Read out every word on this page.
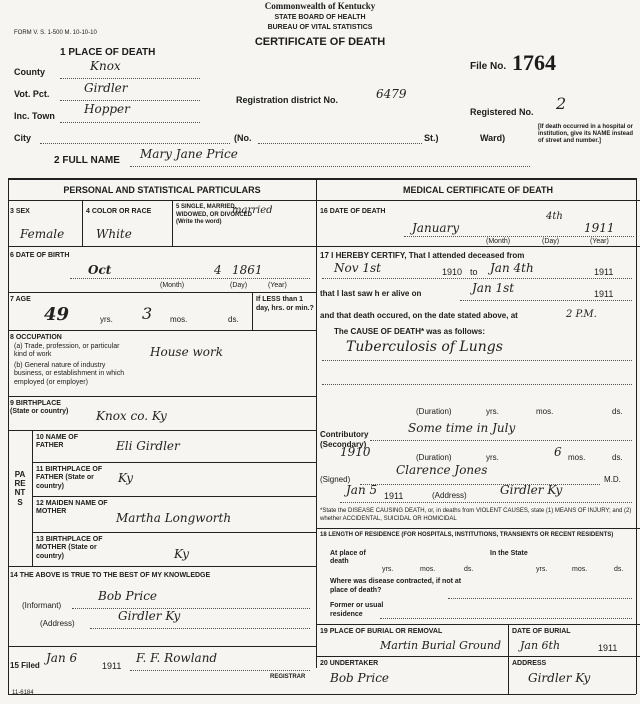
FORM V. S. 1-500 M. 10-10-10
Commonwealth of Kentucky
STATE BOARD OF HEALTH
BUREAU OF VITAL STATISTICS
CERTIFICATE OF DEATH
1 PLACE OF DEATH
County	Knox
Vot. Pct.	Girdler
Inc. Town Hopper
Registration district No.	6479
File No. 1764
Registered No. 2
[If death occurred in a hospital or institution, give its NAME instead of street and number.]
City	(No.	St.)	Ward)
2 FULL NAME Mary Jane Price
PERSONAL AND STATISTICAL PARTICULARS
3 SEX
Female
4 COLOR OR RACE
White
5 SINGLE, MARRIED, WIDOWED, OR DIVORCED (Write the word)
married
6 DATE OF BIRTH
Oct	4 1861
(Month)	(Day)	(Year)
7 AGE
49	yrs. 3 mos.	ds.
If LESS than 1 day, hrs. or min.?
8 OCCUPATION
(a) Trade, profession, or particular kind of work
(b) General nature of industry business, or establishment in which employed (or employer)
House work
9 BIRTHPLACE (State or country) Knox co. Ky
PARENTS
10 NAME OF FATHER	Eli Girdler
11 BIRTHPLACE OF FATHER (State or country)
Ky
12 MAIDEN NAME OF MOTHER	Martha Longworth
13 BIRTHPLACE OF MOTHER (State or country)	Ky
14 THE ABOVE IS TRUE TO THE BEST OF MY KNOWLEDGE
(Informant)
Bob Price
(Address)
Girdler Ky
15 Filed
Jan 6
1911
F. F. Rowland
REGISTRAR
11-6184
MEDICAL CERTIFICATE OF DEATH
16 DATE OF DEATH
January
4th
1911
(Month)	(Day)	(Year)
17 I HEREBY CERTIFY, That I attended deceased from
Nov 1st	1910 to Jan 4th	1911
that I last saw h er alive on	Jan 1st	1911
and that death occured, on the date stated above, at	2 P.M.
The CAUSE OF DEATH* was as follows:
Tuberculosis of Lungs
(Duration)	yrs.	mos.	ds.
Contributory (Secondary)
Some time in July
1910	(Duration)	yrs.	6 mos.	ds.
(Signed)
Clarence Jones
M.D.
Jan 5 1911	(Address)	Girdler Ky
*State the DISEASE CAUSING DEATH, or, in deaths from VIOLENT CAUSES, state (1) MEANS OF INJURY; and (2) whether ACCIDENTAL, SUICIDAL OR HOMICIDAL
18 LENGTH OF RESIDENCE (FOR HOSPITALS, INSTITUTIONS, TRANSIENTS OR RECENT RESIDENTS)
At place of death
yrs.	mos.	ds.
In the State
yrs.	mos.	ds.
Where was disease contracted, if not at place of death?
Former or usual residence
19 PLACE OF BURIAL OR REMOVAL	DATE OF BURIAL
Martin Burial Ground Jan 6th	1911
20 UNDERTAKER
Bob Price
ADDRESS
Girdler Ky
